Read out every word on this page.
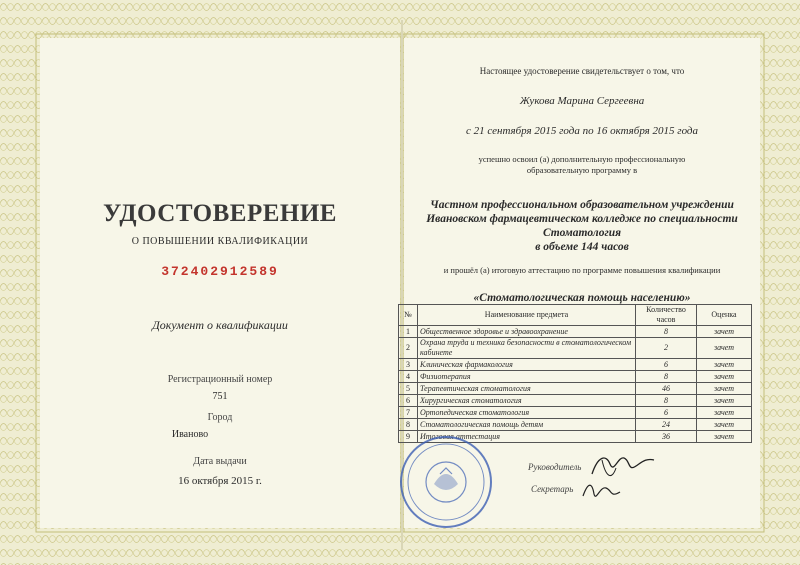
УДОСТОВЕРЕНИЕ
О ПОВЫШЕНИИ КВАЛИФИКАЦИИ
372402912589
Документ о квалификации
Регистрационный номер
751
Город
Иваново
Дата выдачи
16 октября 2015 г.
Настоящее удостоверение свидетельствует о том, что
Жукова Марина Сергеевна
с 21 сентября 2015 года по 16 октября 2015 года
успешно освоил (а) дополнительную профессиональную
образовательную программу в
Частном профессиональном образовательном учреждении
Ивановском фармацевтическом колледже по специальности
Стоматология
в объеме 144 часов
и прошёл (а) итоговую аттестацию по программе повышения квалификации
«Стоматологическая помощь населению»
№	Наименование предмета	Количество часов	Оценка
1	Общественное здоровье и здравоохранение	8	зачет
2	Охрана труда и техника безопасности в стоматологическом кабинете	2	зачет
3	Клиническая фармакология	6	зачет
4	Физиотерапия	8	зачет
5	Терапевтическая стоматология	46	зачет
6	Хирургическая стоматология	8	зачет
7	Ортопедическая стоматология	6	зачет
8	Стоматологическая помощь детям	24	зачет
9	Итоговая аттестация	36	зачет
Руководитель
Секретарь
